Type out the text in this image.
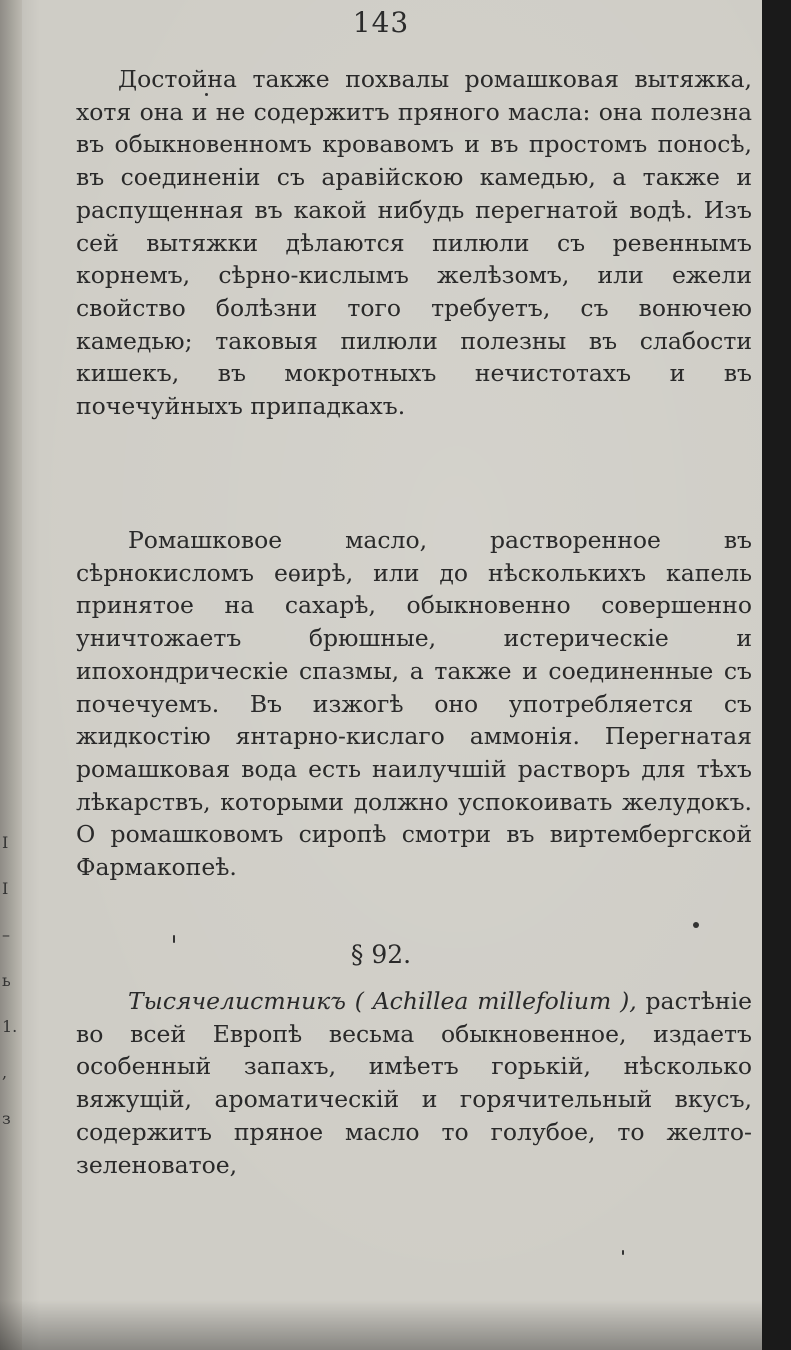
143
Достойна также похвалы ромашковая вытяжка, хотя она и не содержитъ пряного масла: она полезна въ обыкновенномъ кровавомъ и въ простомъ поносѣ, въ соединеніи съ аравійскою камедью, а также и распущенная въ какой нибудь перегнатой водѣ. Изъ сей вытяжки дѣлаются пилюли съ ревеннымъ корнемъ, сѣрно-кислымъ желѣзомъ, или ежели свойство болѣзни того требуетъ, съ вонючею камедью; таковыя пилюли полезны въ слабости кишекъ, въ мокротныхъ нечистотахъ и въ почечуйныхъ припадкахъ.
Ромашковое масло, растворенное въ сѣрнокисломъ еѳирѣ, или до нѣсколькихъ капель принятое на сахарѣ, обыкновенно совершенно уничтожаетъ брюшные, истерическіе и ипохондрическіе спазмы, а также и соединенные съ почечуемъ. Въ изжогѣ оно употребляется съ жидкостію янтарно-кислаго аммонія. Перегнатая ромашковая вода есть наилучшій растворъ для тѣхъ лѣкарствъ, которыми должно успокоивать желудокъ. О ромашковомъ сиропѣ смотри въ виртембергской Фармакопеѣ.
§ 92.
Тысячелистникъ ( Achillea millefolium ), растѣніе во всей Европѣ весьма обыкновенное, издаетъ особенный запахъ, имѣетъ горькій, нѣсколько вяжущій, ароматическій и горячительный вкусъ, содержитъ пряное масло то голубое, то желто-зеленоватое,
I
I
–
ь
1.
,
з
